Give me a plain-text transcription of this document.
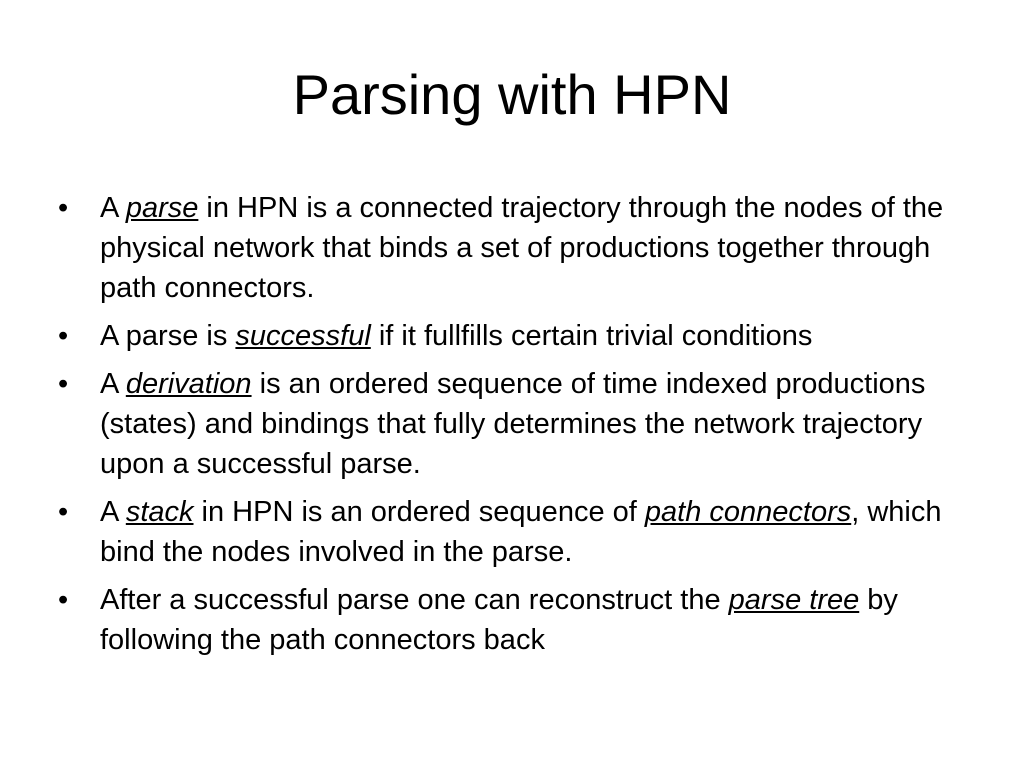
Parsing with HPN
•	A parse in HPN is a connected trajectory through the nodes of the physical network that binds a set of productions together through path connectors.
•	A parse is successful if it fullfills certain trivial conditions
•	A derivation is an ordered sequence of time indexed productions (states) and bindings that fully determines the network trajectory upon a successful parse.
•	A stack in HPN is an ordered sequence of path connectors, which bind the nodes involved in the parse.
•	After a successful parse one can reconstruct the parse tree by following the path connectors back
